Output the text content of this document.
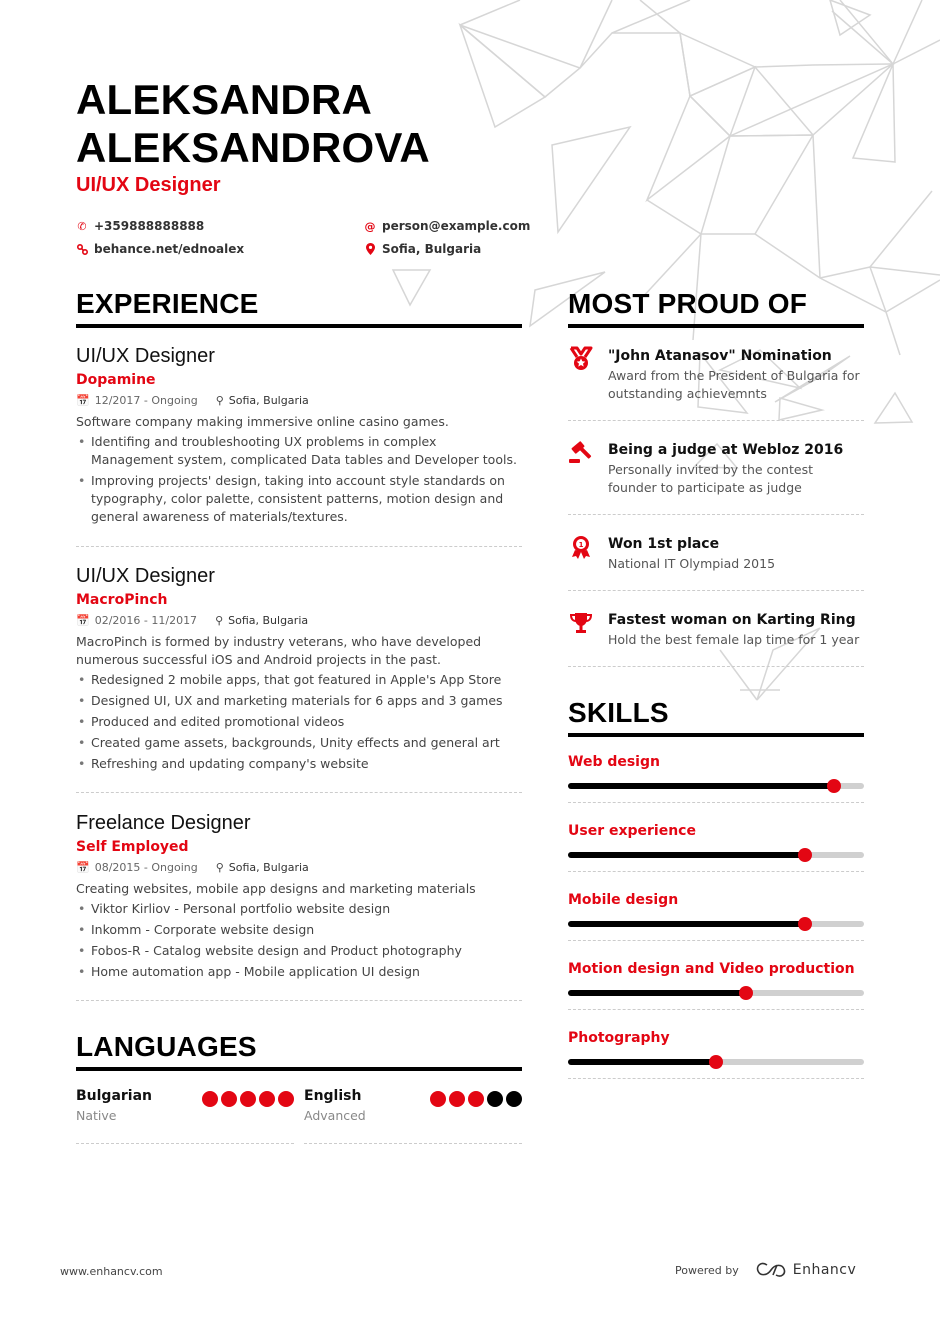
ALEKSANDRA
ALEKSANDROVA
UI/UX Designer
✆ +359888888888	@ person@example.com
behance.net/ednoalex	Sofia, Bulgaria
EXPERIENCE
UI/UX Designer
Dopamine
📅 12/2017 - Ongoing ⚲ Sofia, Bulgaria
Software company making immersive online casino games.
• Identifing and troubleshooting UX problems in complex Management system, complicated Data tables and Developer tools.
• Improving projects' design, taking into account style standards on typography, color palette, consistent patterns, motion design and general awareness of materials/textures.
UI/UX Designer
MacroPinch
📅 02/2016 - 11/2017 ⚲ Sofia, Bulgaria
MacroPinch is formed by industry veterans, who have developed numerous successful iOS and Android projects in the past.
• Redesigned 2 mobile apps, that got featured in Apple's App Store
• Designed UI, UX and marketing materials for 6 apps and 3 games
• Produced and edited promotional videos
• Created game assets, backgrounds, Unity effects and general art
• Refreshing and updating company's website
Freelance Designer
Self Employed
📅 08/2015 - Ongoing ⚲ Sofia, Bulgaria
Creating websites, mobile app designs and marketing materials
• Viktor Kirliov - Personal portfolio website design
• Inkomm - Corporate website design
• Fobos-R - Catalog website design and Product photography
• Home automation app - Mobile application UI design
LANGUAGES
Bulgarian
Native
English
Advanced
MOST PROUD OF
"John Atanasov" Nomination
Award from the President of Bulgaria for outstanding achievemnts
Being a judge at Webloz 2016
Personally invited by the contest founder to participate as judge
1 Won 1st place
National IT Olympiad 2015
Fastest woman on Karting Ring
Hold the best female lap time for 1 year
SKILLS
Web design
User experience
Mobile design
Motion design and Video production
Photography
www.enhancv.com	Powered by	Enhancv
